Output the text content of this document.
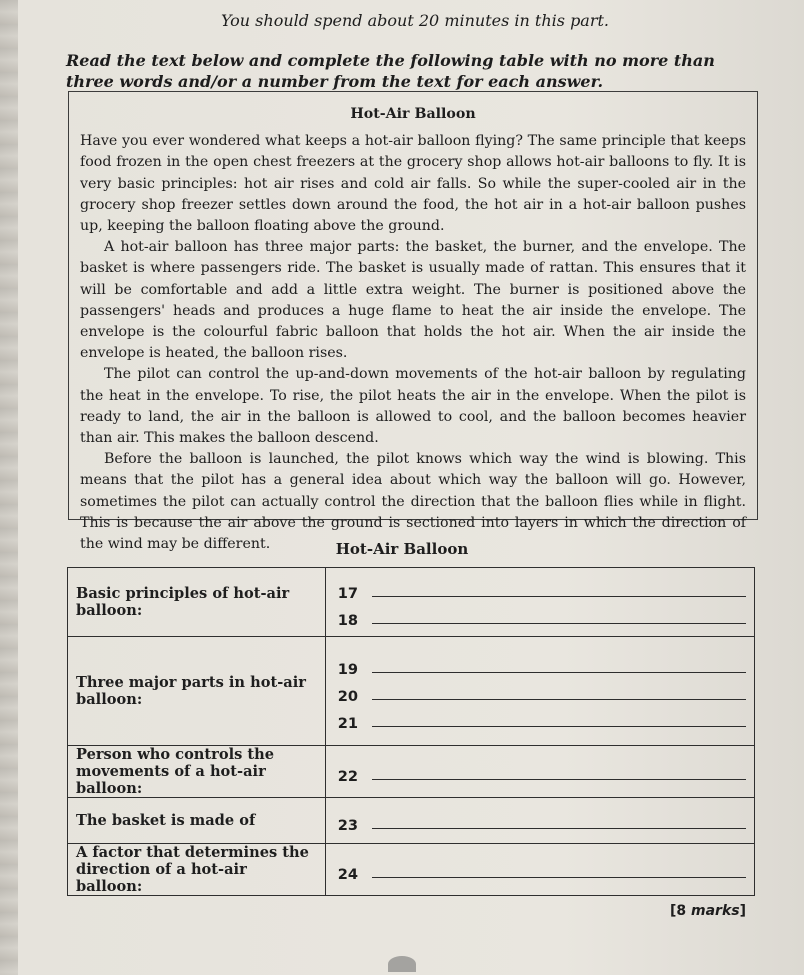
You should spend about 20 minutes in this part.
Read the text below and complete the following table with no more than three words and/or a number from the text for each answer.
Hot-Air Balloon

Have you ever wondered what keeps a hot-air balloon flying? The same principle that keeps food frozen in the open chest freezers at the grocery shop allows hot-air balloons to fly. It is very basic principles: hot air rises and cold air falls. So while the super-cooled air in the grocery shop freezer settles down around the food, the hot air in a hot-air balloon pushes up, keeping the balloon floating above the ground.

A hot-air balloon has three major parts: the basket, the burner, and the envelope. The basket is where passengers ride. The basket is usually made of rattan. This ensures that it will be comfortable and add a little extra weight. The burner is positioned above the passengers' heads and produces a huge flame to heat the air inside the envelope. The envelope is the colourful fabric balloon that holds the hot air. When the air inside the envelope is heated, the balloon rises.

The pilot can control the up-and-down movements of the hot-air balloon by regulating the heat in the envelope. To rise, the pilot heats the air in the envelope. When the pilot is ready to land, the air in the balloon is allowed to cool, and the balloon becomes heavier than air. This makes the balloon descend.

Before the balloon is launched, the pilot knows which way the wind is blowing. This means that the pilot has a general idea about which way the balloon will go. However, sometimes the pilot can actually control the direction that the balloon flies while in flight. This is because the air above the ground is sectioned into layers in which the direction of the wind may be different.	Hot-Air Balloon
Basic principles of hot-air balloon:	17
18

Three major parts in hot-air balloon:	19
20
21

Person who controls the movements of a hot-air balloon:	22

The basket is made of	23

A factor that determines the direction of a hot-air balloon:	24
[8 marks]
